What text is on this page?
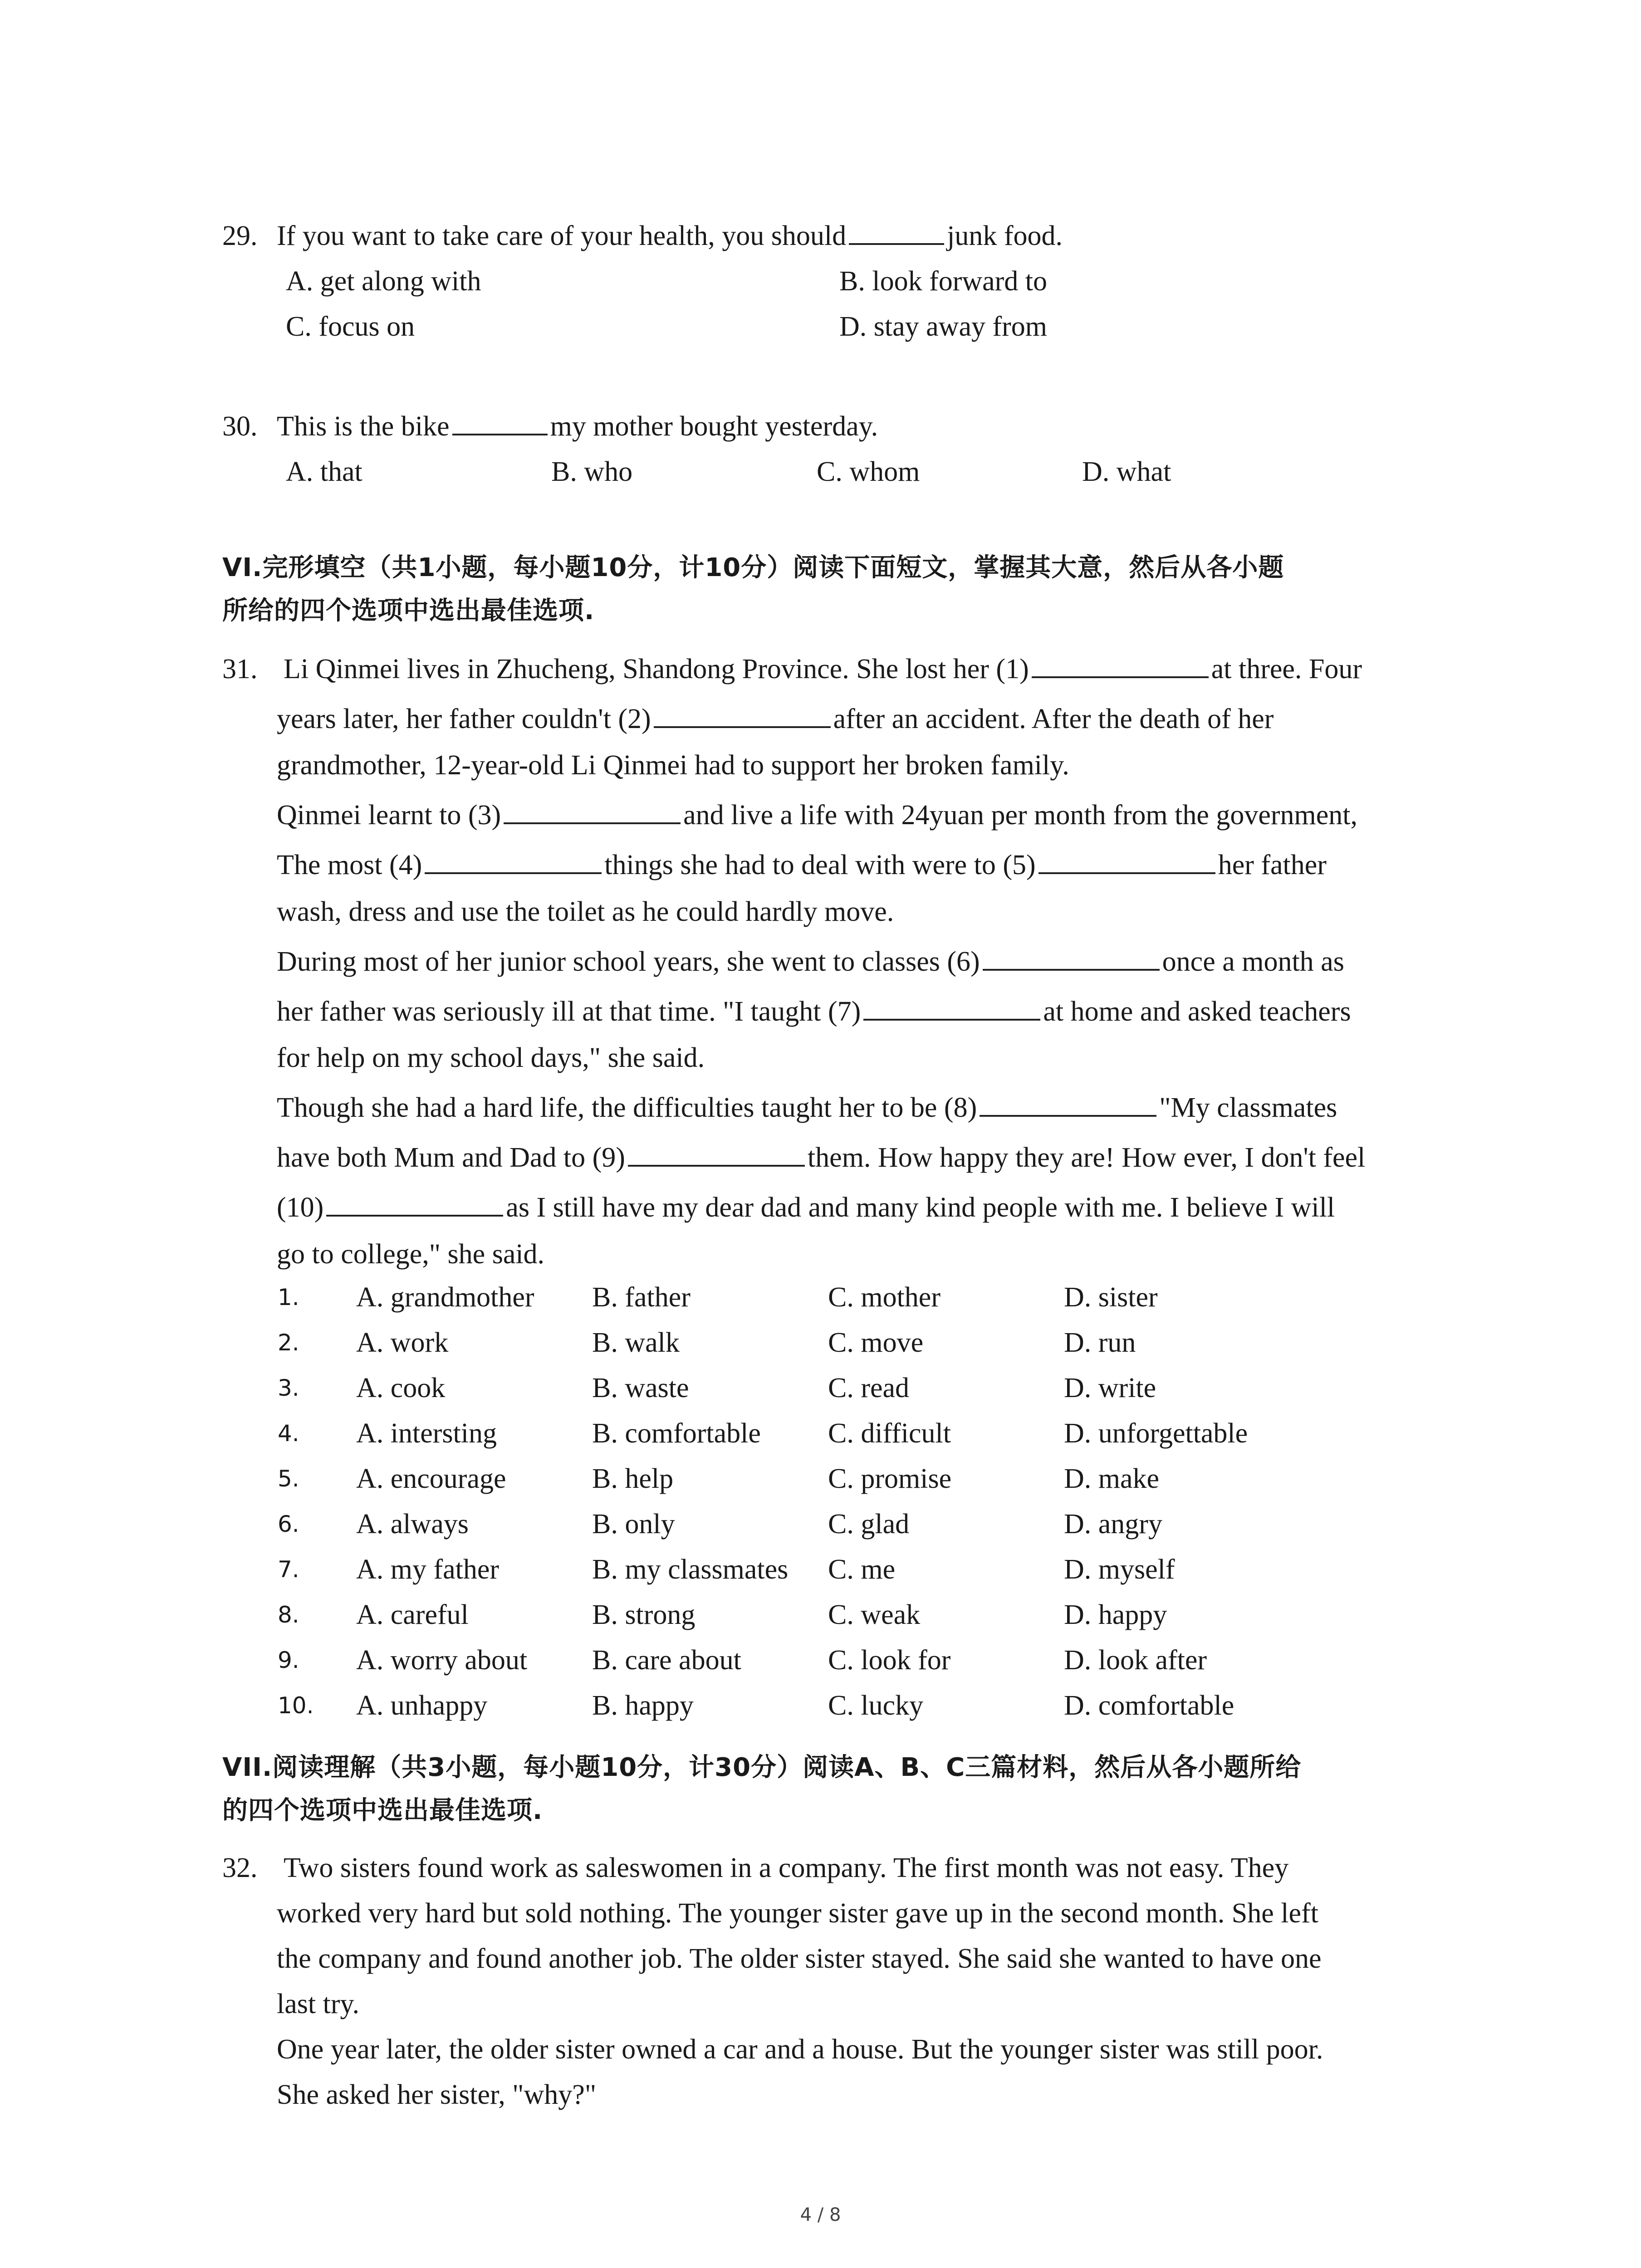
29. If you want to take care of your health, you should	junk food.
A. get along with	B. look forward to
C. focus on	D. stay away from
30. This is the bike	my mother bought yesterday.
A. that	B. who	C. whom	D. what
VI.完形填空（共1小题，每小题10分，计10分）阅读下面短文，掌握其大意，然后从各小题
所给的四个选项中选出最佳选项.
31. Li Qinmei lives in Zhucheng, Shandong Province. She lost her (1)	at three. Four
years later, her father couldn't (2)	after an accident. After the death of her
grandmother, 12-year-old Li Qinmei had to support her broken family.
Qinmei learnt to (3)	and live a life with 24yuan per month from the government,
The most (4)	things she had to deal with were to (5)	her father
wash, dress and use the toilet as he could hardly move.
During most of her junior school years, she went to classes (6)	once a month as
her father was seriously ill at that time. "I taught (7)	at home and asked teachers
for help on my school days," she said.
Though she had a hard life, the difficulties taught her to be (8)	"My classmates
have both Mum and Dad to (9)	them. How happy they are! How ever, I don't feel
(10)	as I still have my dear dad and many kind people with me. I believe I will
go to college," she said.
1. A. grandmother B. father	C. mother	D. sister
2. A. work	B. walk	C. move	D. run
3. A. cook	B. waste	C. read	D. write
4. A. intersting	B. comfortable C. difficult	D. unforgettable
5. A. encourage	B. help	C. promise	D. make
6. A. always	B. only	C. glad	D. angry
7. A. my father	B. my classmates C. me	D. myself
8. A. careful	B. strong	C. weak	D. happy
9. A. worry about B. care about	C. look for	D. look after
10. A. unhappy	B. happy	C. lucky	D. comfortable
VII.阅读理解（共3小题，每小题10分，计30分）阅读A、B、C三篇材料，然后从各小题所给
的四个选项中选出最佳选项.
32. Two sisters found work as saleswomen in a company. The first month was not easy. They
worked very hard but sold nothing. The younger sister gave up in the second month. She left
the company and found another job. The older sister stayed. She said she wanted to have one
last try.
One year later, the older sister owned a car and a house. But the younger sister was still poor.
She asked her sister, "why?"
4 / 8
